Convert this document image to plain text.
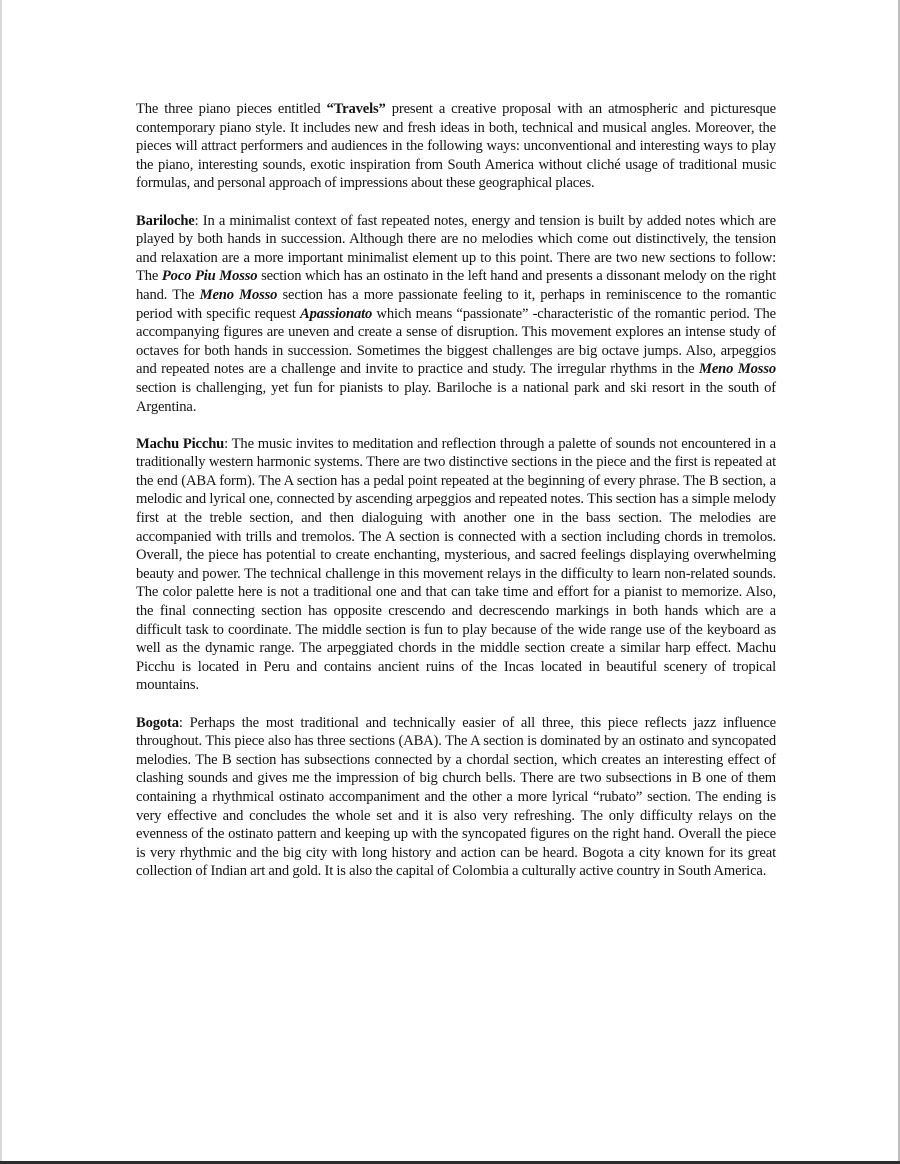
The three piano pieces entitled “Travels” present a creative proposal with an atmospheric and picturesque contemporary piano style. It includes new and fresh ideas in both, technical and musical angles. Moreover, the pieces will attract performers and audiences in the following ways: unconventional and interesting ways to play the piano, interesting sounds, exotic inspiration from South America without cliché usage of traditional music formulas, and personal approach of impressions about these geographical places.

Bariloche: In a minimalist context of fast repeated notes, energy and tension is built by added notes which are played by both hands in succession. Although there are no melodies which come out distinctively, the tension and relaxation are a more important minimalist element up to this point. There are two new sections to follow: The Poco Piu Mosso section which has an ostinato in the left hand and presents a dissonant melody on the right hand. The Meno Mosso section has a more passionate feeling to it, perhaps in reminiscence to the romantic period with specific request Apassionato which means “passionate” -characteristic of the romantic period. The accompanying figures are uneven and create a sense of disruption. This movement explores an intense study of octaves for both hands in succession. Sometimes the biggest challenges are big octave jumps. Also, arpeggios and repeated notes are a challenge and invite to practice and study. The irregular rhythms in the Meno Mosso section is challenging, yet fun for pianists to play. Bariloche is a national park and ski resort in the south of Argentina.

Machu Picchu: The music invites to meditation and reflection through a palette of sounds not encountered in a traditionally western harmonic systems. There are two distinctive sections in the piece and the first is repeated at the end (ABA form). The A section has a pedal point repeated at the beginning of every phrase. The B section, a melodic and lyrical one, connected by ascending arpeggios and repeated notes. This section has a simple melody first at the treble section, and then dialoguing with another one in the bass section. The melodies are accompanied with trills and tremolos. The A section is connected with a section including chords in tremolos. Overall, the piece has potential to create enchanting, mysterious, and sacred feelings displaying overwhelming beauty and power. The technical challenge in this movement relays in the difficulty to learn non-related sounds. The color palette here is not a traditional one and that can take time and effort for a pianist to memorize. Also, the final connecting section has opposite crescendo and decrescendo markings in both hands which are a difficult task to coordinate. The middle section is fun to play because of the wide range use of the keyboard as well as the dynamic range. The arpeggiated chords in the middle section create a similar harp effect. Machu Picchu is located in Peru and contains ancient ruins of the Incas located in beautiful scenery of tropical mountains.

Bogota: Perhaps the most traditional and technically easier of all three, this piece reflects jazz influence throughout. This piece also has three sections (ABA). The A section is dominated by an ostinato and syncopated melodies. The B section has subsections connected by a chordal section, which creates an interesting effect of clashing sounds and gives me the impression of big church bells. There are two subsections in B one of them containing a rhythmical ostinato accompaniment and the other a more lyrical “rubato” section. The ending is very effective and concludes the whole set and it is also very refreshing. The only difficulty relays on the evenness of the ostinato pattern and keeping up with the syncopated figures on the right hand. Overall the piece is very rhythmic and the big city with long history and action can be heard. Bogota a city known for its great collection of Indian art and gold. It is also the capital of Colombia a culturally active country in South America.
